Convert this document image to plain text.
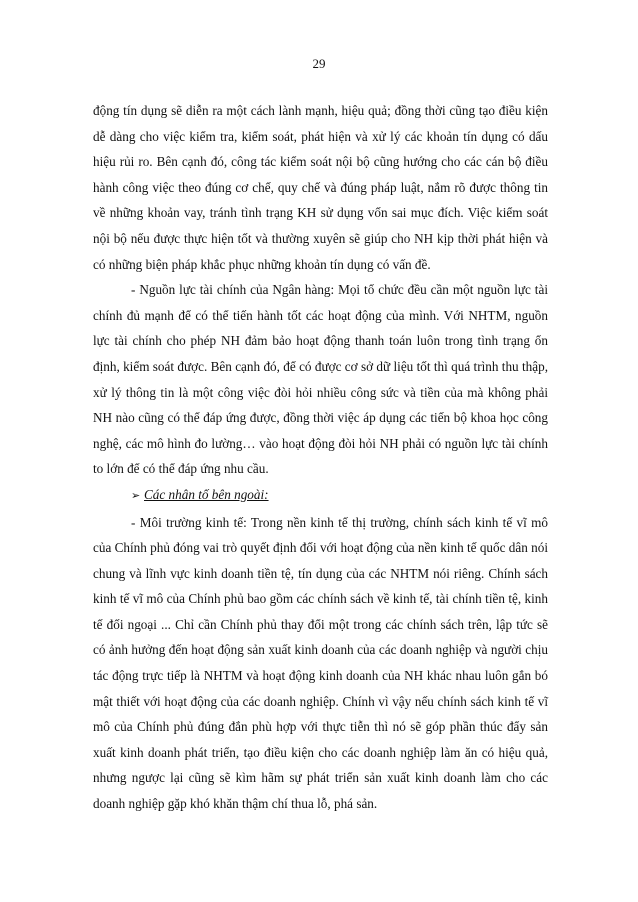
29

động tín dụng sẽ diễn ra một cách lành mạnh, hiệu quả; đồng thời cũng tạo điều kiện dễ dàng cho việc kiểm tra, kiểm soát, phát hiện và xử lý các khoản tín dụng có dấu hiệu rủi ro. Bên cạnh đó, công tác kiểm soát nội bộ cũng hướng cho các cán bộ điều hành công việc theo đúng cơ chế, quy chế và đúng pháp luật, nắm rõ được thông tin về những khoản vay, tránh tình trạng KH sử dụng vốn sai mục đích. Việc kiểm soát nội bộ nếu được thực hiện tốt và thường xuyên sẽ giúp cho NH kịp thời phát hiện và có những biện pháp khắc phục những khoản tín dụng có vấn đề.

- Nguồn lực tài chính của Ngân hàng: Mọi tổ chức đều cần một nguồn lực tài chính đủ mạnh để có thể tiến hành tốt các hoạt động của mình. Với NHTM, nguồn lực tài chính cho phép NH đảm bảo hoạt động thanh toán luôn trong tình trạng ổn định, kiểm soát được. Bên cạnh đó, để có được cơ sở dữ liệu tốt thì quá trình thu thập, xử lý thông tin là một công việc đòi hỏi nhiều công sức và tiền của mà không phải NH nào cũng có thể đáp ứng được, đồng thời việc áp dụng các tiến bộ khoa học công nghệ, các mô hình đo lường… vào hoạt động đòi hỏi NH phải có nguồn lực tài chính to lớn để có thể đáp ứng nhu cầu.

➢ Các nhân tố bên ngoài:

- Môi trường kinh tế: Trong nền kinh tế thị trường, chính sách kinh tế vĩ mô của Chính phủ đóng vai trò quyết định đối với hoạt động của nền kinh tế quốc dân nói chung và lĩnh vực kinh doanh tiền tệ, tín dụng của các NHTM nói riêng. Chính sách kinh tế vĩ mô của Chính phủ bao gồm các chính sách về kinh tế, tài chính tiền tệ, kinh tế đối ngoại ... Chỉ cần Chính phủ thay đổi một trong các chính sách trên, lập tức sẽ có ảnh hưởng đến hoạt động sản xuất kinh doanh của các doanh nghiệp và người chịu tác động trực tiếp là NHTM và hoạt động kinh doanh của NH khác nhau luôn gắn bó mật thiết với hoạt động của các doanh nghiệp. Chính vì vậy nếu chính sách kinh tế vĩ mô của Chính phủ đúng đắn phù hợp với thực tiễn thì nó sẽ góp phần thúc đẩy sản xuất kinh doanh phát triển, tạo điều kiện cho các doanh nghiệp làm ăn có hiệu quả, nhưng ngược lại cũng sẽ kìm hãm sự phát triển sản xuất kinh doanh làm cho các doanh nghiệp gặp khó khăn thậm chí thua lỗ, phá sản.
